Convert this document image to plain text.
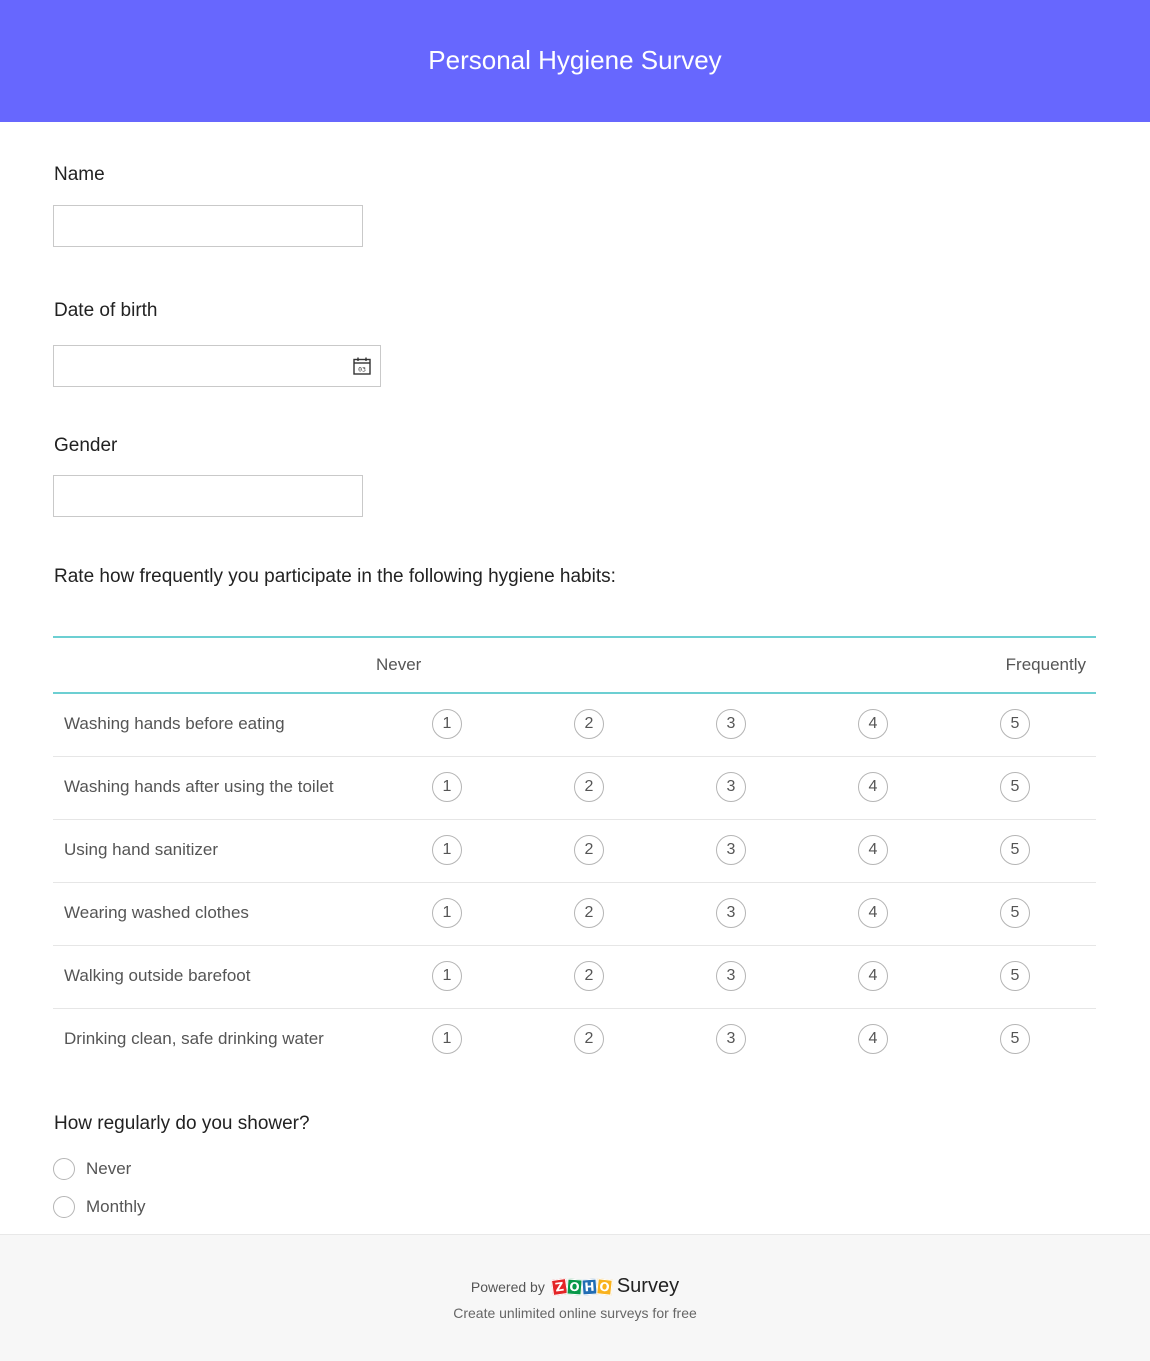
Personal Hygiene Survey
Name
Date of birth
03
Gender
Rate how frequently you participate in the following hygiene habits:
Never	Frequently
Washing hands before eating	1	2	3	4	5
Washing hands after using the toilet	1	2	3	4	5
Using hand sanitizer	1	2	3	4	5
Wearing washed clothes	1	2	3	4	5
Walking outside barefoot	1	2	3	4	5
Drinking clean, safe drinking water	1	2	3	4	5
How regularly do you shower?
Never
Monthly
Powered by Z O H O Survey
Create unlimited online surveys for free
